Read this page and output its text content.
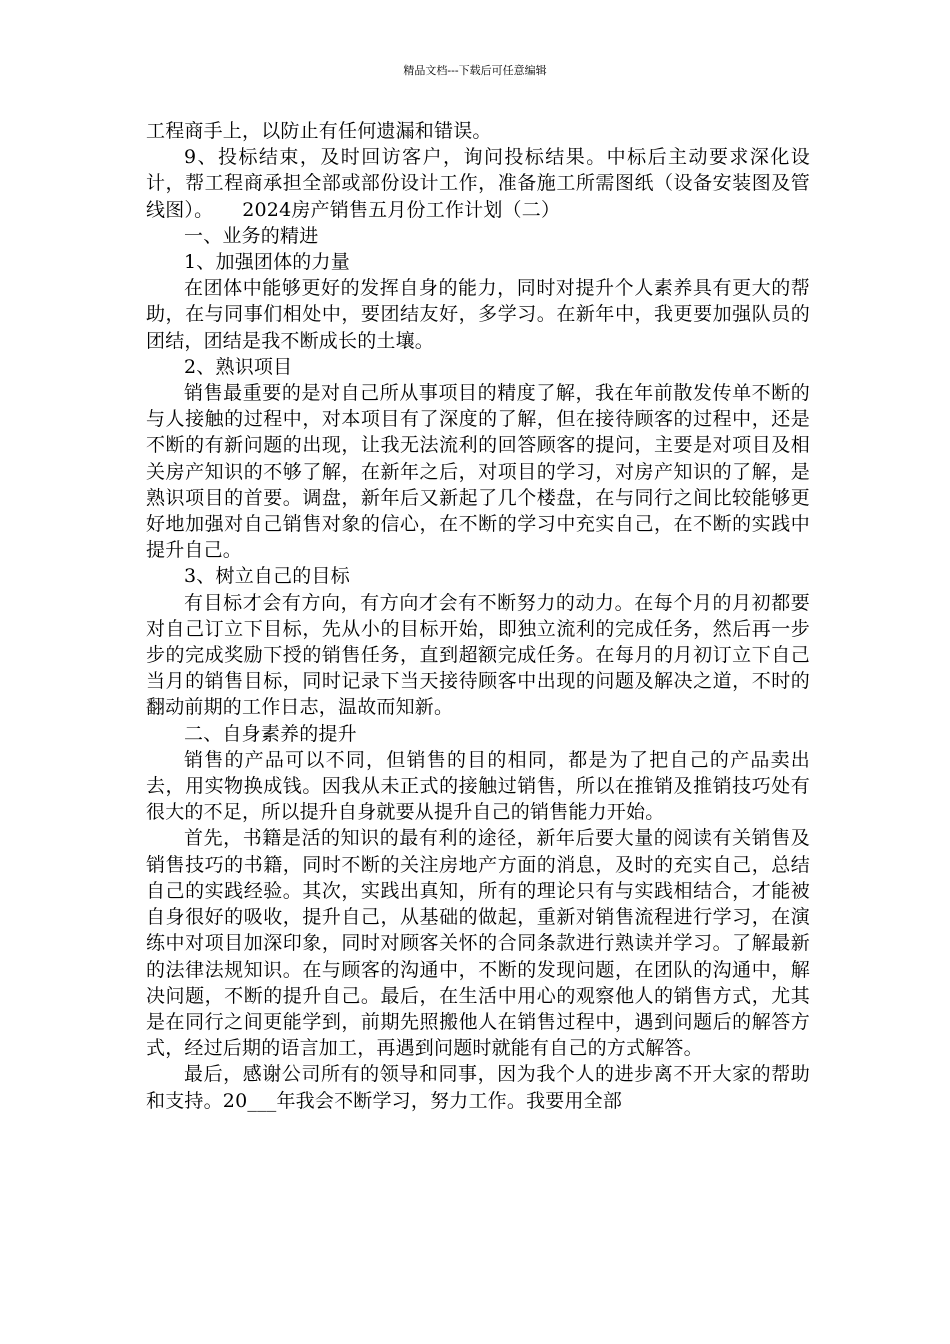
精品文档---下载后可任意编辑

工程商手上，以防止有任何遗漏和错误。

9、投标结束，及时回访客户，询问投标结果。中标后主动要求深化设计，帮工程商承担全部或部份设计工作，准备施工所需图纸（设备安装图及管线图）。　　2024房产销售五月份工作计划（二）

一、业务的精进

1、加强团体的力量

在团体中能够更好的发挥自身的能力，同时对提升个人素养具有更大的帮助，在与同事们相处中，要团结友好，多学习。在新年中，我更要加强队员的团结，团结是我不断成长的土壤。

2、熟识项目

销售最重要的是对自己所从事项目的精度了解，我在年前散发传单不断的与人接触的过程中，对本项目有了深度的了解，但在接待顾客的过程中，还是不断的有新问题的出现，让我无法流利的回答顾客的提问，主要是对项目及相关房产知识的不够了解，在新年之后，对项目的学习，对房产知识的了解，是熟识项目的首要。调盘，新年后又新起了几个楼盘，在与同行之间比较能够更好地加强对自己销售对象的信心，在不断的学习中充实自己，在不断的实践中提升自己。

3、树立自己的目标

有目标才会有方向，有方向才会有不断努力的动力。在每个月的月初都要对自己订立下目标，先从小的目标开始，即独立流利的完成任务，然后再一步步的完成奖励下授的销售任务，直到超额完成任务。在每月的月初订立下自己当月的销售目标，同时记录下当天接待顾客中出现的问题及解决之道，不时的翻动前期的工作日志，温故而知新。

二、自身素养的提升

销售的产品可以不同，但销售的目的相同，都是为了把自己的产品卖出去，用实物换成钱。因我从未正式的接触过销售，所以在推销及推销技巧处有很大的不足，所以提升自身就要从提升自己的销售能力开始。

首先，书籍是活的知识的最有利的途径，新年后要大量的阅读有关销售及销售技巧的书籍，同时不断的关注房地产方面的消息，及时的充实自己，总结自己的实践经验。其次，实践出真知，所有的理论只有与实践相结合，才能被自身很好的吸收，提升自己，从基础的做起，重新对销售流程进行学习，在演练中对项目加深印象，同时对顾客关怀的合同条款进行熟读并学习。了解最新的法律法规知识。在与顾客的沟通中，不断的发现问题，在团队的沟通中，解决问题，不断的提升自己。最后，在生活中用心的观察他人的销售方式，尤其是在同行之间更能学到，前期先照搬他人在销售过程中，遇到问题后的解答方式，经过后期的语言加工，再遇到问题时就能有自己的方式解答。

最后，感谢公司所有的领导和同事，因为我个人的进步离不开大家的帮助和支持。20___年我会不断学习，努力工作。我要用全部
